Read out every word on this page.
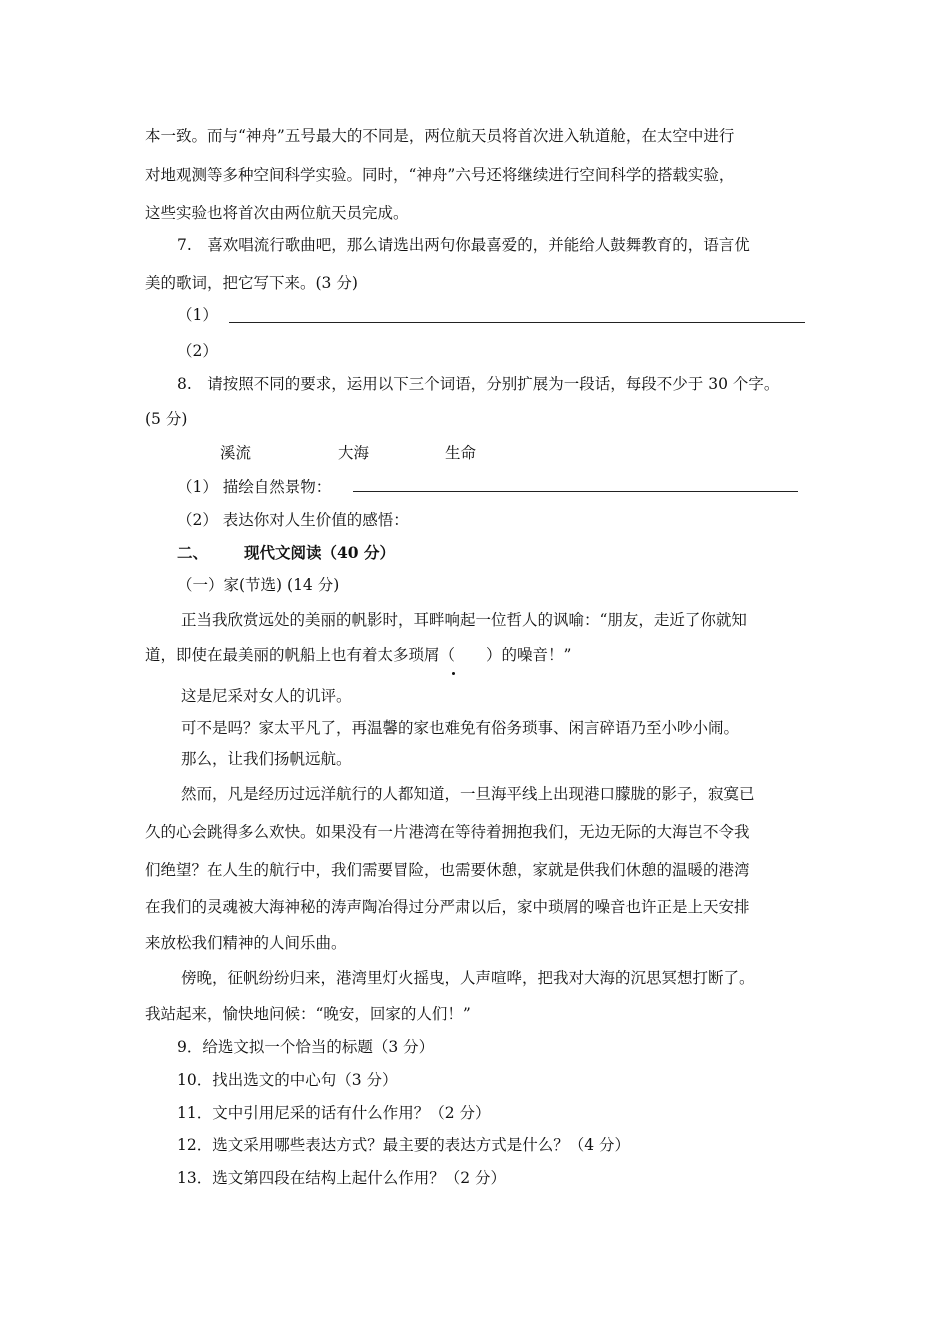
本一致。而与“神舟”五号最大的不同是，两位航天员将首次进入轨道舱，在太空中进行
对地观测等多种空间科学实验。同时，“神舟”六号还将继续进行空间科学的搭载实验，
这些实验也将首次由两位航天员完成。
7.　喜欢唱流行歌曲吧，那么请选出两句你最喜爱的，并能给人鼓舞教育的，语言优
美的歌词，把它写下来。(3 分)
（1）
（2）
8.　请按照不同的要求，运用以下三个词语，分别扩展为一段话，每段不少于 30 个字。
(5 分)
溪流	大海	生命
（1） 描绘自然景物：
（2） 表达你对人生价值的感悟：
二、 现代文阅读（40 分）
（一）家(节选) (14 分)
正当我欣赏远处的美丽的帆影时，耳畔响起一位哲人的讽喻：“朋友，走近了你就知
道，即使在最美丽的帆船上也有着太多琐屑（　　）的噪音！”
这是尼采对女人的讥评。
可不是吗？家太平凡了，再温馨的家也难免有俗务琐事、闲言碎语乃至小吵小闹。
那么，让我们扬帆远航。
然而，凡是经历过远洋航行的人都知道，一旦海平线上出现港口朦胧的影子，寂寞已
久的心会跳得多么欢快。如果没有一片港湾在等待着拥抱我们，无边无际的大海岂不令我
们绝望？在人生的航行中，我们需要冒险，也需要休憩，家就是供我们休憩的温暖的港湾
在我们的灵魂被大海神秘的涛声陶冶得过分严肃以后，家中琐屑的噪音也许正是上天安排
来放松我们精神的人间乐曲。
傍晚，征帆纷纷归来，港湾里灯火摇曳，人声喧哗，把我对大海的沉思冥想打断了。
我站起来，愉快地问候：“晚安，回家的人们！”
9．给选文拟一个恰当的标题（3 分）
10．找出选文的中心句（3 分）
11．文中引用尼采的话有什么作用？（2 分）
12．选文采用哪些表达方式？最主要的表达方式是什么？（4 分）
13．选文第四段在结构上起什么作用？（2 分）
